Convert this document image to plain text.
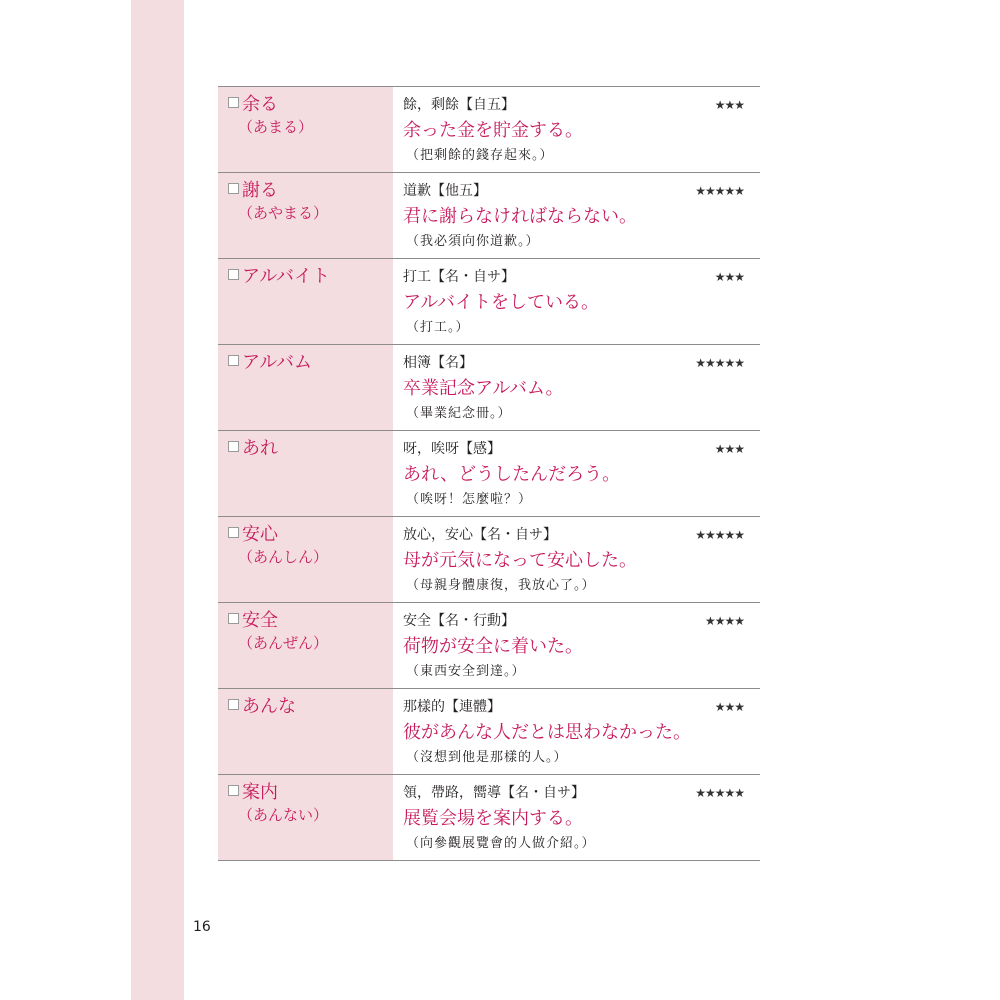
余る
（あまる）
餘，剩餘【自五】	★★★
余った金を貯金する。
（把剩餘的錢存起來。）
謝る
（あやまる）
道歉【他五】	★★★★★
君に謝らなければならない。
（我必須向你道歉。）
アルバイト	打工【名・自サ】	★★★
アルバイトをしている。
（打工。）
アルバム	相簿【名】	★★★★★
卒業記念アルバム。
（畢業紀念冊。）
あれ	呀，唉呀【感】	★★★
あれ、どうしたんだろう。
（唉呀！怎麼啦？）
安心
（あんしん）
放心，安心【名・自サ】	★★★★★
母が元気になって安心した。
（母親身體康復，我放心了。）
安全
（あんぜん）
安全【名・行動】	★★★★
荷物が安全に着いた。
（東西安全到達。）
あんな	那樣的【連體】	★★★
彼があんな人だとは思わなかった。
（沒想到他是那樣的人。）
案内
（あんない）
領，帶路，嚮導【名・自サ】	★★★★★
展覧会場を案内する。
（向參觀展覽會的人做介紹。）
16
